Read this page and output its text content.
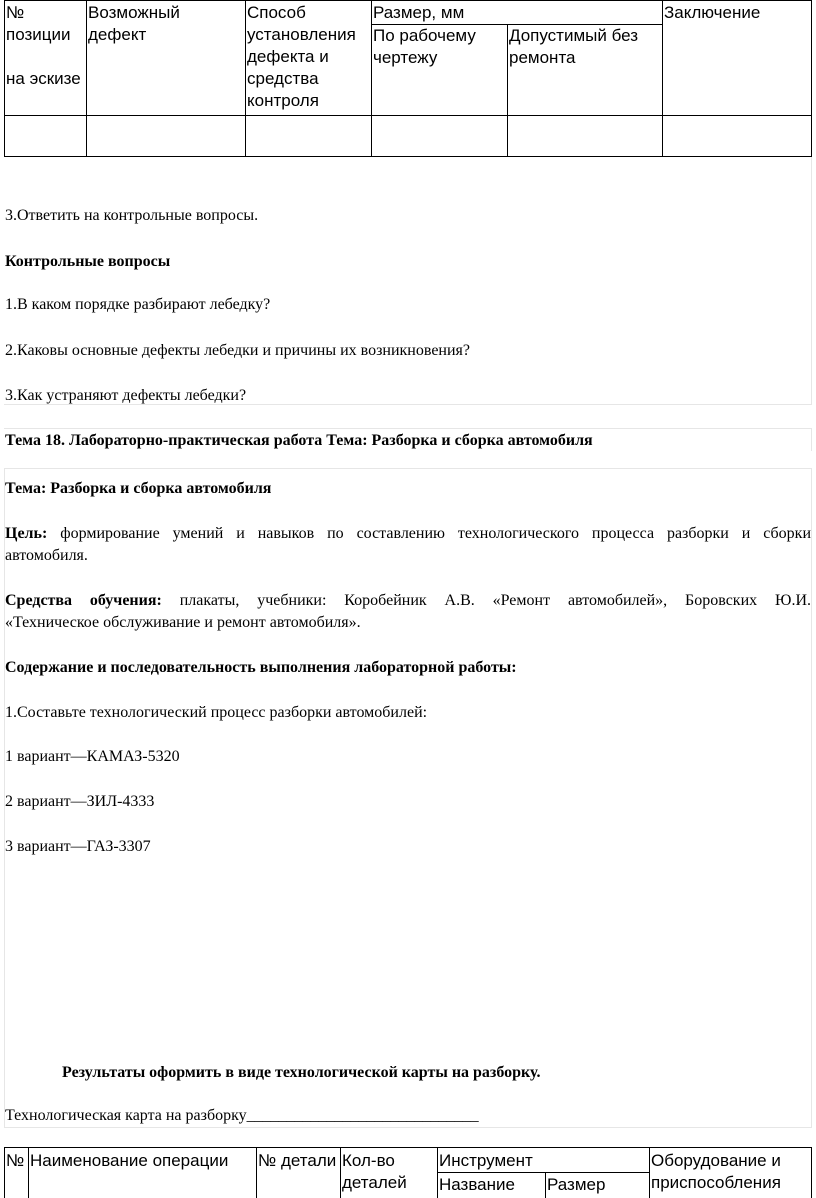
№ позиции
на эскизе
Возможный дефект
Способ установления дефекта и средства контроля
Размер, мм
По рабочему чертежу
Допустимый без ремонта
Заключение
3.Ответить на контрольные вопросы.
Контрольные вопросы
1.В каком порядке разбирают лебедку?
2.Каковы основные дефекты лебедки и причины их возникновения?
3.Как устраняют дефекты лебедки?
Тема 18. Лабораторно-практическая работа Тема: Разборка и сборка автомобиля
Тема: Разборка и сборка автомобиля
Цель: формирование умений и навыков по составлению технологического процесса разборки и сборки
автомобиля.
Средства обучения: плакаты, учебники: Коробейник А.В. «Ремонт автомобилей», Боровских Ю.И.
«Техническое обслуживание и ремонт автомобиля».
Содержание и последовательность выполнения лабораторной работы:
1.Составьте технологический процесс разборки автомобилей:
1 вариант—КАМАЗ-5320
2 вариант—ЗИЛ-4333
3 вариант—ГАЗ-3307
Результаты оформить в виде технологической карты на разборку.
Технологическая карта на разборку_____________________________
№ Наименование операции	№ детали Кол-во деталей
Инструмент
Название	Размер
Оборудование и приспособления
